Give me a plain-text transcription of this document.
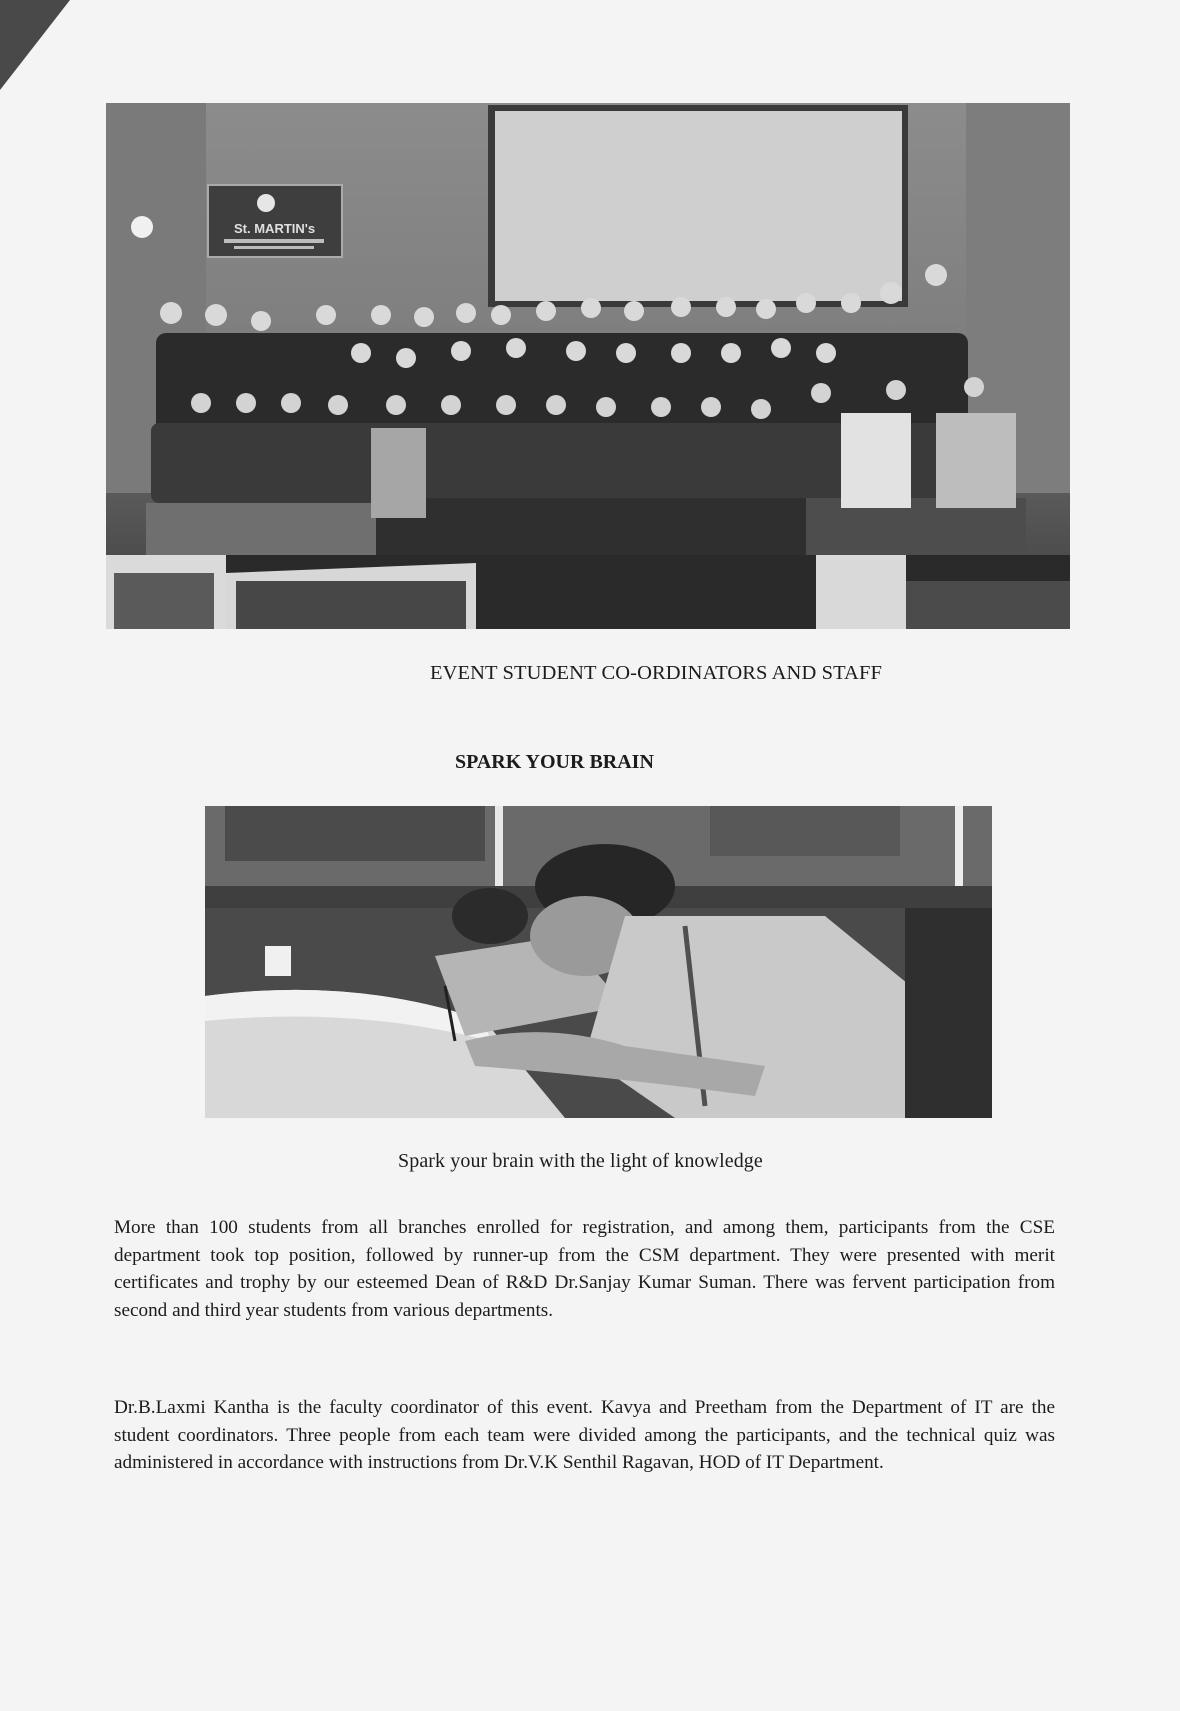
St. MARTIN's
EVENT STUDENT CO-ORDINATORS AND STAFF
SPARK YOUR BRAIN
Spark your brain with the light of knowledge

More than 100 students from all branches enrolled for registration, and among them, participants from the CSE department took top position, followed by runner-up from the CSM department. They were presented with merit certificates and trophy by our esteemed Dean of R&D Dr.Sanjay Kumar Suman. There was fervent participation from second and third year students from various departments.

Dr.B.Laxmi Kantha is the faculty coordinator of this event. Kavya and Preetham from the Department of IT are the student coordinators. Three people from each team were divided among the participants, and the technical quiz was administered in accordance with instructions from Dr.V.K Senthil Ragavan, HOD of IT Department.
